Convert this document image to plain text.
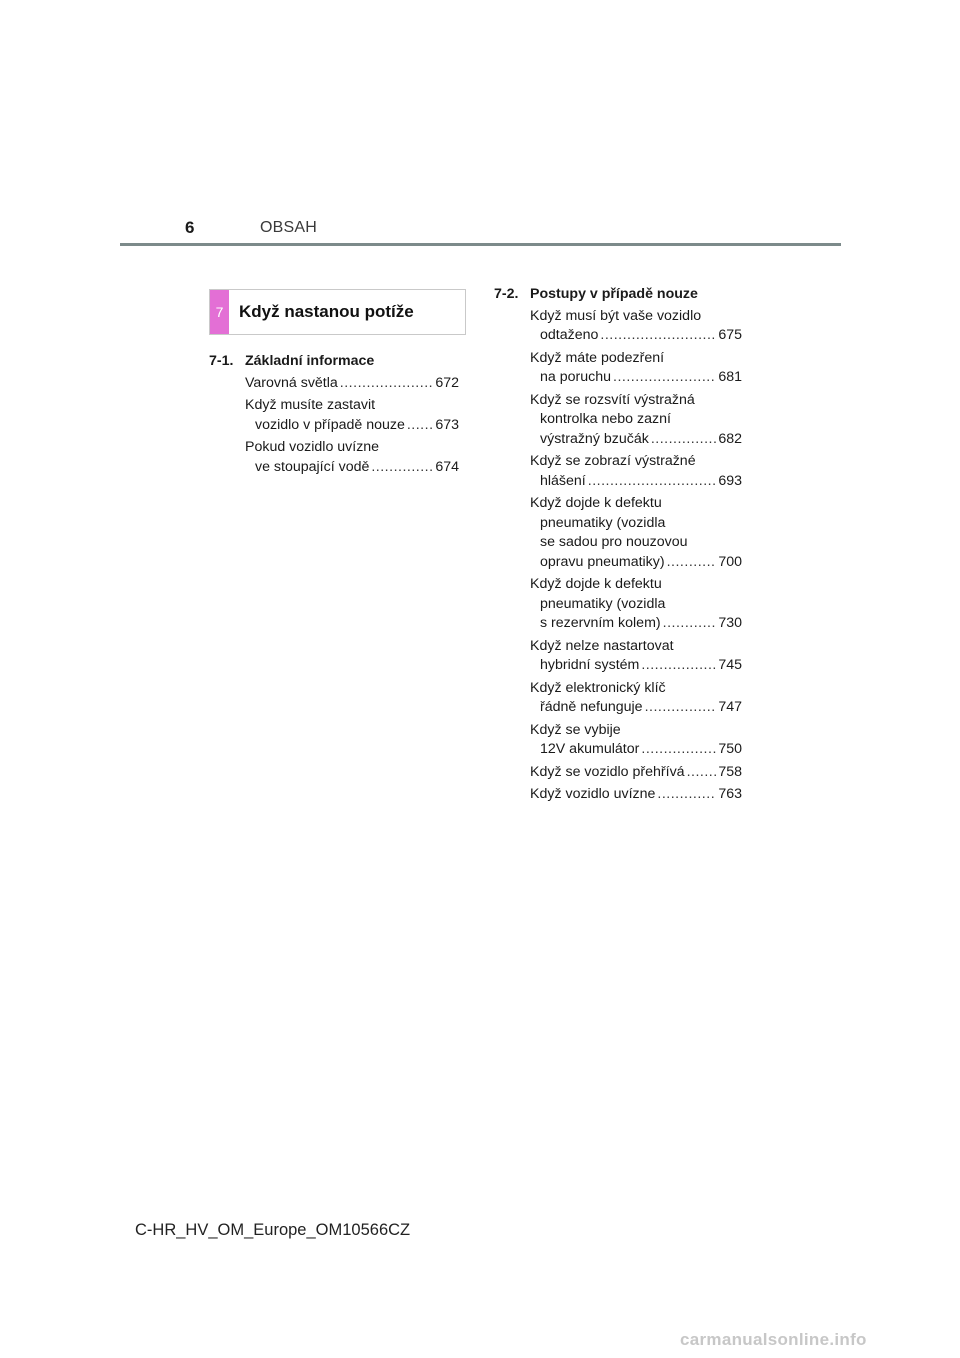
6	OBSAH
7 Když nastanou potíže
7-1. Základní informace
Varovná světla .....	672
Když musíte zastavit
vozidlo v případě nouze ..... 673
Pokud vozidlo uvízne
ve stoupající vodě .....	674
7-2. Postupy v případě nouze
Když musí být vaše vozidlo
odtaženo .....	675
Když máte podezření
na poruchu .....	681
Když se rozsvítí výstražná
kontrolka nebo zazní
výstražný bzučák .....	682
Když se zobrazí výstražné
hlášení .....	693
Když dojde k defektu
pneumatiky (vozidla
se sadou pro nouzovou
opravu pneumatiky) .....	700
Když dojde k defektu
pneumatiky (vozidla
s rezervním kolem) .....	730
Když nelze nastartovat
hybridní systém .....	745
Když elektronický klíč
řádně nefunguje .....	747
Když se vybije
12V akumulátor .....	750
Když se vozidlo přehřívá ..... 758
Když vozidlo uvízne .....	763
C-HR_HV_OM_Europe_OM10566CZ
carmanualsonline.info
